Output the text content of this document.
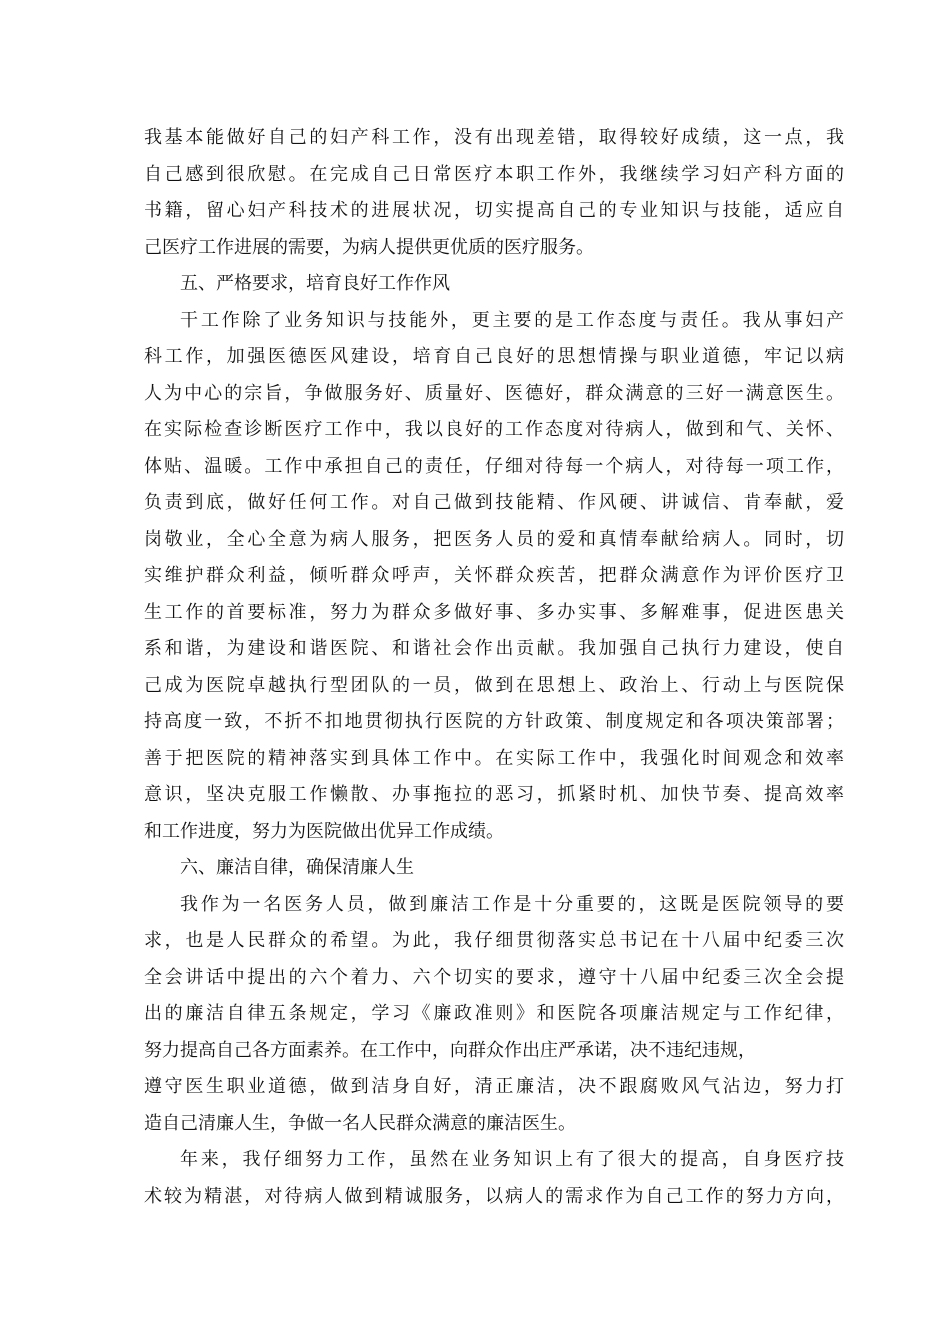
我基本能做好自己的妇产科工作，没有出现差错，取得较好成绩，这一点，我
自己感到很欣慰。在完成自己日常医疗本职工作外，我继续学习妇产科方面的
书籍，留心妇产科技术的进展状况，切实提高自己的专业知识与技能，适应自
己医疗工作进展的需要，为病人提供更优质的医疗服务。
五、严格要求，培育良好工作作风
干工作除了业务知识与技能外，更主要的是工作态度与责任。我从事妇产
科工作，加强医德医风建设，培育自己良好的思想情操与职业道德，牢记以病
人为中心的宗旨，争做服务好、质量好、医德好，群众满意的三好一满意医生。
在实际检查诊断医疗工作中，我以良好的工作态度对待病人，做到和气、关怀、
体贴、温暖。工作中承担自己的责任，仔细对待每一个病人，对待每一项工作，
负责到底，做好任何工作。对自己做到技能精、作风硬、讲诚信、肯奉献，爱
岗敬业，全心全意为病人服务，把医务人员的爱和真情奉献给病人。同时，切
实维护群众利益，倾听群众呼声，关怀群众疾苦，把群众满意作为评价医疗卫
生工作的首要标准，努力为群众多做好事、多办实事、多解难事，促进医患关
系和谐，为建设和谐医院、和谐社会作出贡献。我加强自己执行力建设，使自
己成为医院卓越执行型团队的一员，做到在思想上、政治上、行动上与医院保
持高度一致，不折不扣地贯彻执行医院的方针政策、制度规定和各项决策部署；
善于把医院的精神落实到具体工作中。在实际工作中，我强化时间观念和效率
意识，坚决克服工作懒散、办事拖拉的恶习，抓紧时机、加快节奏、提高效率
和工作进度，努力为医院做出优异工作成绩。
六、廉洁自律，确保清廉人生
我作为一名医务人员，做到廉洁工作是十分重要的，这既是医院领导的要
求，也是人民群众的希望。为此，我仔细贯彻落实总书记在十八届中纪委三次
全会讲话中提出的六个着力、六个切实的要求，遵守十八届中纪委三次全会提
出的廉洁自律五条规定，学习《廉政准则》和医院各项廉洁规定与工作纪律，
努力提高自己各方面素养。在工作中，向群众作出庄严承诺，决不违纪违规，
遵守医生职业道德，做到洁身自好，清正廉洁，决不跟腐败风气沾边，努力打
造自己清廉人生，争做一名人民群众满意的廉洁医生。
年来，我仔细努力工作，虽然在业务知识上有了很大的提高，自身医疗技
术较为精湛，对待病人做到精诚服务，以病人的需求作为自己工作的努力方向，
